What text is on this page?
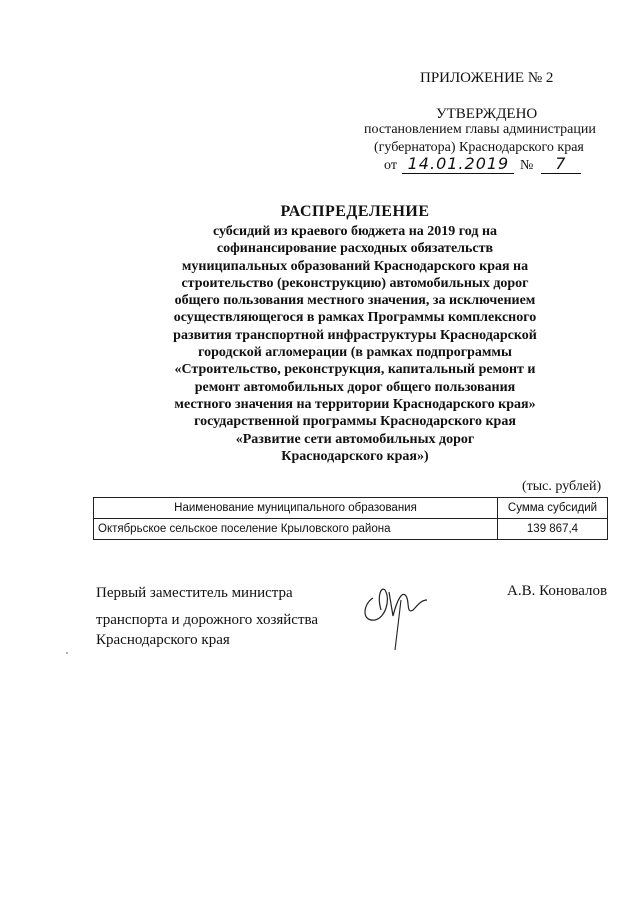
ПРИЛОЖЕНИЕ № 2
УТВЕРЖДЕНО
постановлением главы администрации
(губернатора) Краснодарского края
от 14.01.2019 № 7
РАСПРЕДЕЛЕНИЕ
субсидий из краевого бюджета на 2019 год на
софинансирование расходных обязательств
муниципальных образований Краснодарского края на
строительство (реконструкцию) автомобильных дорог
общего пользования местного значения, за исключением
осуществляющегося в рамках Программы комплексного
развития транспортной инфраструктуры Краснодарской
городской агломерации (в рамках подпрограммы
«Строительство, реконструкция, капитальный ремонт и
ремонт автомобильных дорог общего пользования
местного значения на территории Краснодарского края»
государственной программы Краснодарского края
«Развитие сети автомобильных дорог
Краснодарского края»)
(тыс. рублей)
Наименование муниципального образования	Сумма субсидий
Октябрьское сельское поселение Крыловского района	139 867,4
Первый заместитель министра
транспорта и дорожного хозяйства
Краснодарского края
А.В. Коновалов
